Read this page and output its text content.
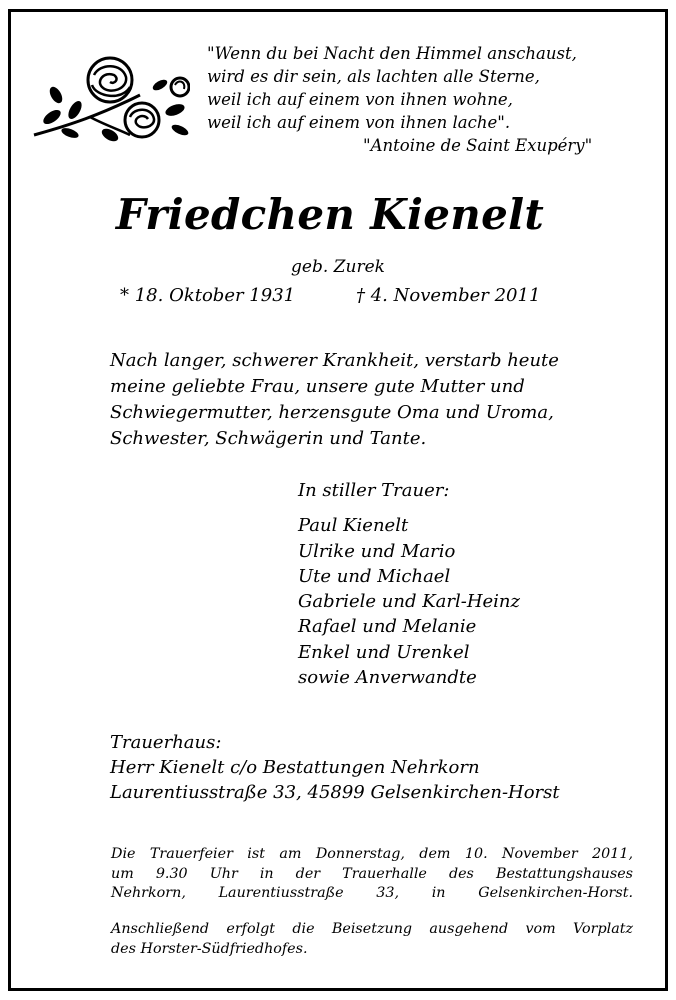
"Wenn du bei Nacht den Himmel anschaust,
wird es dir sein, als lachten alle Sterne,
weil ich auf einem von ihnen wohne,
weil ich auf einem von ihnen lache".
"Antoine de Saint Exupéry"
Friedchen Kienelt
geb. Zurek
* 18. Oktober 1931	† 4. November 2011
Nach langer, schwerer Krankheit, verstarb heute
meine geliebte Frau, unsere gute Mutter und
Schwiegermutter, herzensgute Oma und Uroma,
Schwester, Schwägerin und Tante.
In stiller Trauer:
Paul Kienelt
Ulrike und Mario
Ute und Michael
Gabriele und Karl-Heinz
Rafael und Melanie
Enkel und Urenkel
sowie Anverwandte
Trauerhaus:
Herr Kienelt c/o Bestattungen Nehrkorn
Laurentiusstraße 33, 45899 Gelsenkirchen-Horst
Die Trauerfeier ist am Donnerstag, dem 10. November 2011,
um 9.30 Uhr in der Trauerhalle des Bestattungshauses
Nehrkorn, Laurentiusstraße 33, in Gelsenkirchen-Horst.
Anschließend erfolgt die Beisetzung ausgehend vom Vorplatz
des Horster-Südfriedhofes.
